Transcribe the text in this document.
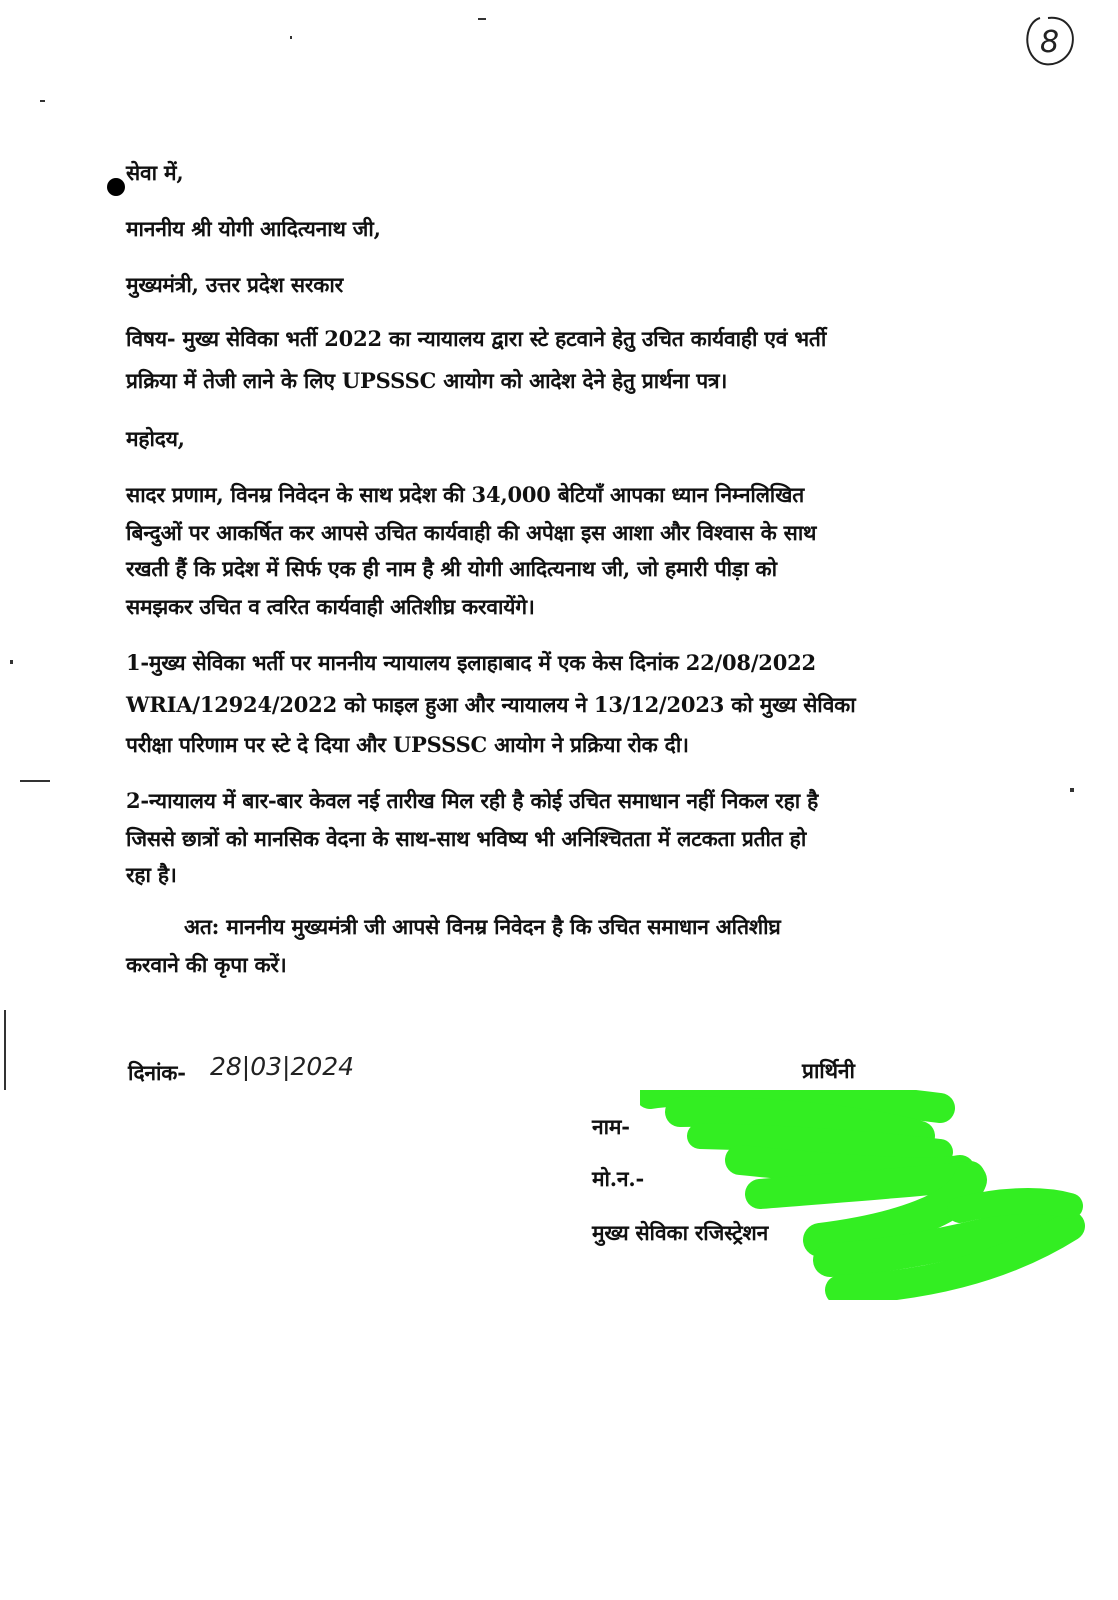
8
सेवा में,
माननीय श्री योगी आदित्यनाथ जी,
मुख्यमंत्री, उत्तर प्रदेश सरकार
विषय- मुख्य सेविका भर्ती 2022 का न्यायालय द्वारा स्टे हटवाने हेतु उचित कार्यवाही एवं भर्ती
प्रक्रिया में तेजी लाने के लिए UPSSSC आयोग को आदेश देने हेतु प्रार्थना पत्र।
महोदय,
सादर प्रणाम, विनम्र निवेदन के साथ प्रदेश की 34,000 बेटियाँ आपका ध्यान निम्नलिखित
बिन्दुओं पर आकर्षित कर आपसे उचित कार्यवाही की अपेक्षा इस आशा और विश्वास के साथ
रखती हैं कि प्रदेश में सिर्फ एक ही नाम है श्री योगी आदित्यनाथ जी, जो हमारी पीड़ा को
समझकर उचित व त्वरित कार्यवाही अतिशीघ्र करवायेंगे।
1-मुख्य सेविका भर्ती पर माननीय न्यायालय इलाहाबाद में एक केस दिनांक 22/08/2022
WRIA/12924/2022 को फाइल हुआ और न्यायालय ने 13/12/2023 को मुख्य सेविका
परीक्षा परिणाम पर स्टे दे दिया और UPSSSC आयोग ने प्रक्रिया रोक दी।
2-न्यायालय में बार-बार केवल नई तारीख मिल रही है कोई उचित समाधान नहीं निकल रहा है
जिससे छात्रों को मानसिक वेदना के साथ-साथ भविष्य भी अनिश्चितता में लटकता प्रतीत हो
रहा है।
अत: माननीय मुख्यमंत्री जी आपसे विनम्र निवेदन है कि उचित समाधान अतिशीघ्र
करवाने की कृपा करें।
दिनांक- 28|03|2024	प्रार्थिनी
नाम-
मो.न.-
मुख्य सेविका रजिस्ट्रेशन
